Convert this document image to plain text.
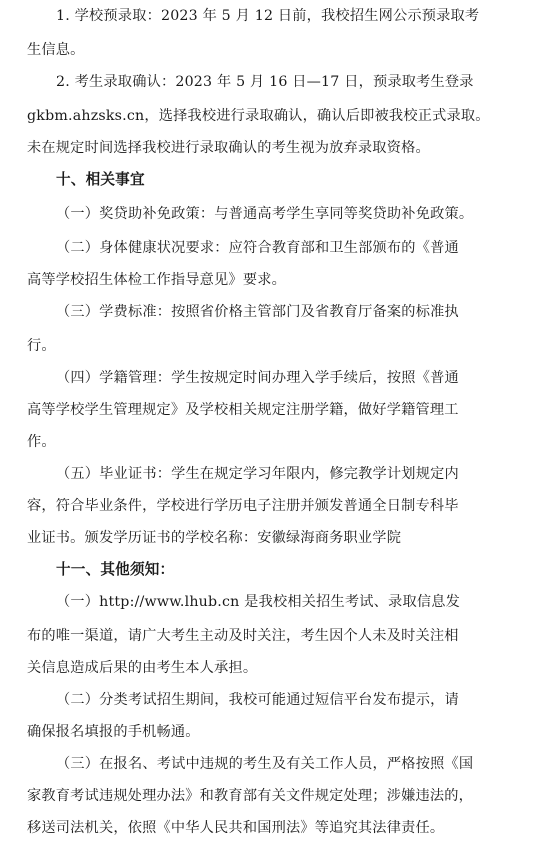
1. 学校预录取：2023 年 5 月 12 日前，我校招生网公示预录取考
生信息。
2. 考生录取确认：2023 年 5 月 16 日—17 日，预录取考生登录
gkbm.ahzsks.cn，选择我校进行录取确认，确认后即被我校正式录取。
未在规定时间选择我校进行录取确认的考生视为放弃录取资格。
十、相关事宜
（一）奖贷助补免政策：与普通高考学生享同等奖贷助补免政策。
（二）身体健康状况要求：应符合教育部和卫生部颁布的《普通
高等学校招生体检工作指导意见》要求。
（三）学费标准：按照省价格主管部门及省教育厅备案的标准执
行。
（四）学籍管理：学生按规定时间办理入学手续后，按照《普通
高等学校学生管理规定》及学校相关规定注册学籍，做好学籍管理工
作。
（五）毕业证书：学生在规定学习年限内，修完教学计划规定内
容，符合毕业条件，学校进行学历电子注册并颁发普通全日制专科毕
业证书。颁发学历证书的学校名称：安徽绿海商务职业学院
十一、其他须知：
（一）http://www.lhub.cn 是我校相关招生考试、录取信息发
布的唯一渠道，请广大考生主动及时关注，考生因个人未及时关注相
关信息造成后果的由考生本人承担。
（二）分类考试招生期间，我校可能通过短信平台发布提示，请
确保报名填报的手机畅通。
（三）在报名、考试中违规的考生及有关工作人员，严格按照《国
家教育考试违规处理办法》和教育部有关文件规定处理；涉嫌违法的，
移送司法机关，依照《中华人民共和国刑法》等追究其法律责任。
